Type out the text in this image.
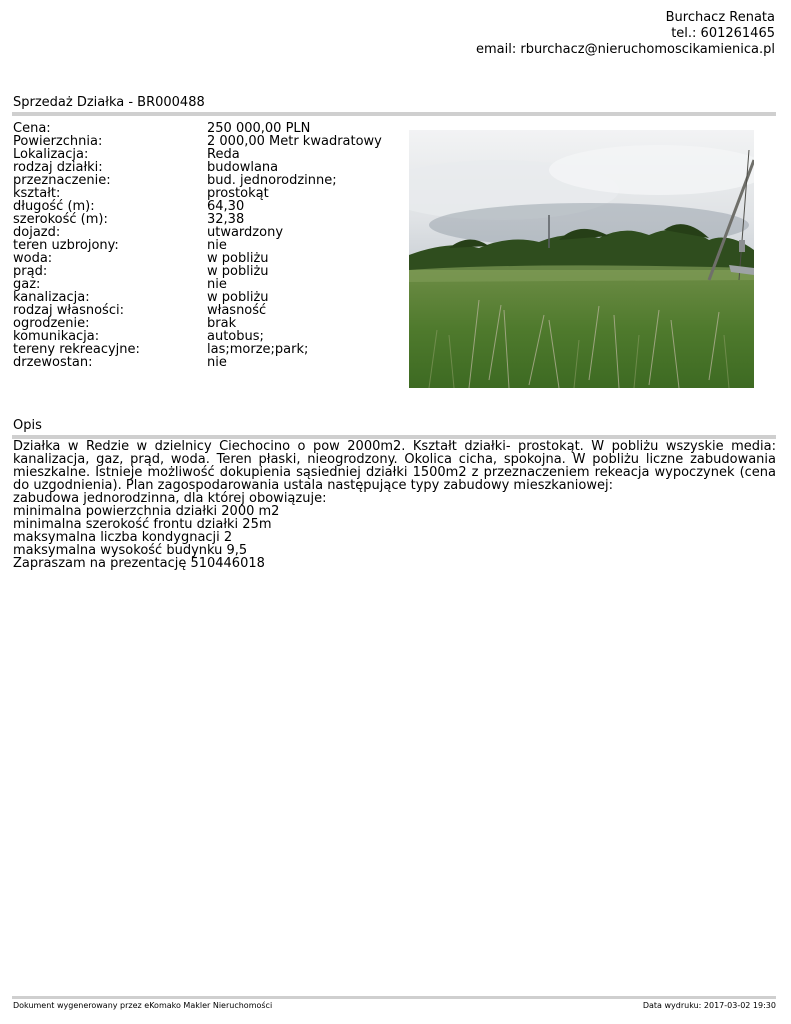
Burchacz Renata
tel.: 601261465
email: rburchacz@nieruchomoscikamienica.pl
Sprzedaż Działka - BR000488
Cena:	250 000,00 PLN
Powierzchnia:	2 000,00 Metr kwadratowy
Lokalizacja:	Reda
rodzaj działki:	budowlana
przeznaczenie:	bud. jednorodzinne;
kształt:	prostokąt
długość (m):	64,30
szerokość (m):	32,38
dojazd:	utwardzony
teren uzbrojony:	nie
woda:	w pobliżu
prąd:	w pobliżu
gaz:	nie
kanalizacja:	w pobliżu
rodzaj własności:	własność
ogrodzenie:	brak
komunikacja:	autobus;
tereny rekreacyjne:	las;morze;park;
drzewostan:	nie
Opis
Działka w Redzie w dzielnicy Ciechocino o pow 2000m2. Kształt działki- prostokąt. W pobliżu wszyskie media: kanalizacja, gaz, prąd, woda. Teren płaski, nieogrodzony. Okolica cicha, spokojna. W pobliżu liczne zabudowania mieszkalne. Istnieje możliwość dokupienia sąsiedniej działki 1500m2 z przeznaczeniem rekeacja wypoczynek (cena do uzgodnienia). Plan zagospodarowania ustala następujące typy zabudowy mieszkaniowej:
zabudowa jednorodzinna, dla której obowiązuje:
minimalna powierzchnia działki 2000 m2
minimalna szerokość frontu działki 25m
maksymalna liczba kondygnacji 2
maksymalna wysokość budynku 9,5
Zapraszam na prezentację 510446018
Dokument wygenerowany przez eKomako Makler Nieruchomości	Data wydruku: 2017-03-02 19:30
